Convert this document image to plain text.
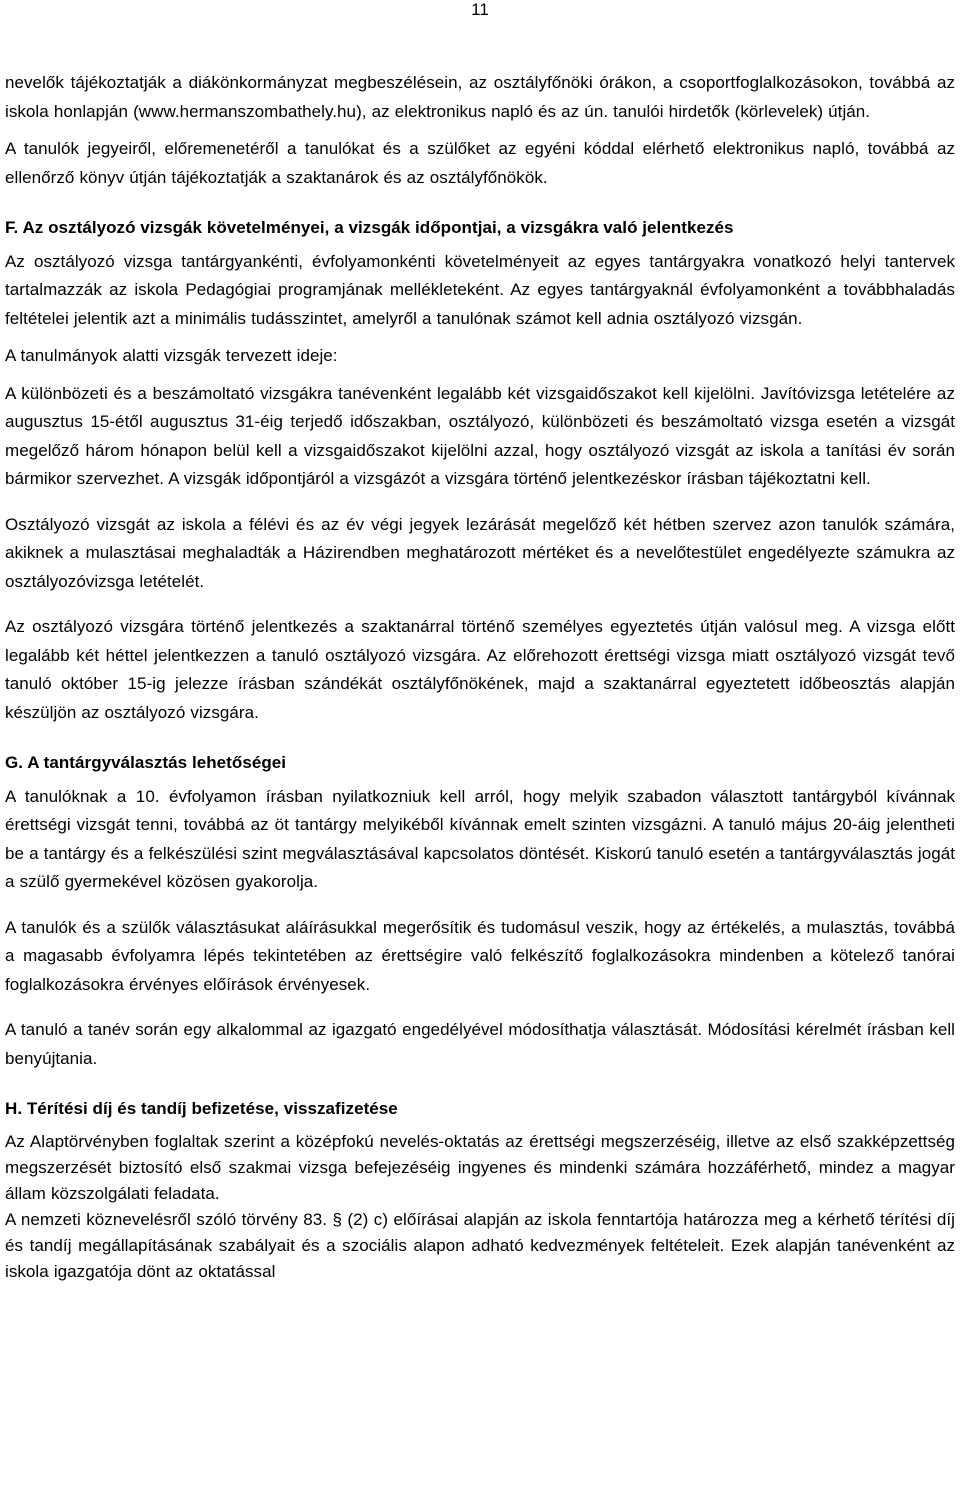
11

nevelők tájékoztatják a diákönkormányzat megbeszélésein, az osztályfőnöki órákon, a csoportfoglalkozásokon, továbbá az iskola honlapján (www.hermanszombathely.hu), az elektronikus napló és az ún. tanulói hirdetők (körlevelek) útján.

A tanulók jegyeiről, előremenetéről a tanulókat és a szülőket az egyéni kóddal elérhető elektronikus napló, továbbá az ellenőrző könyv útján tájékoztatják a szaktanárok és az osztályfőnökök.

F. Az osztályozó vizsgák követelményei, a vizsgák időpontjai, a vizsgákra való jelentkezés

Az osztályozó vizsga tantárgyankénti, évfolyamonkénti követelményeit az egyes tantárgyakra vonatkozó helyi tantervek tartalmazzák az iskola Pedagógiai programjának mellékleteként. Az egyes tantárgyaknál évfolyamonként a továbbhaladás feltételei jelentik azt a minimális tudásszintet, amelyről a tanulónak számot kell adnia osztályozó vizsgán.

A tanulmányok alatti vizsgák tervezett ideje:

A különbözeti és a beszámoltató vizsgákra tanévenként legalább két vizsgaidőszakot kell kijelölni. Javítóvizsga letételére az augusztus 15-étől augusztus 31-éig terjedő időszakban, osztályozó, különbözeti és beszámoltató vizsga esetén a vizsgát megelőző három hónapon belül kell a vizsgaidőszakot kijelölni azzal, hogy osztályozó vizsgát az iskola a tanítási év során bármikor szervezhet. A vizsgák időpontjáról a vizsgázót a vizsgára történő jelentkezéskor írásban tájékoztatni kell.

Osztályozó vizsgát az iskola a félévi és az év végi jegyek lezárását megelőző két hétben szervez azon tanulók számára, akiknek a mulasztásai meghaladták a Házirendben meghatározott mértéket és a nevelőtestület engedélyezte számukra az osztályozóvizsga letételét.

Az osztályozó vizsgára történő jelentkezés a szaktanárral történő személyes egyeztetés útján valósul meg. A vizsga előtt legalább két héttel jelentkezzen a tanuló osztályozó vizsgára. Az előrehozott érettségi vizsga miatt osztályozó vizsgát tevő tanuló október 15-ig jelezze írásban szándékát osztályfőnökének, majd a szaktanárral egyeztetett időbeosztás alapján készüljön az osztályozó vizsgára.

G. A tantárgyválasztás lehetőségei

A tanulóknak a 10. évfolyamon írásban nyilatkozniuk kell arról, hogy melyik szabadon választott tantárgyból kívánnak érettségi vizsgát tenni, továbbá az öt tantárgy melyikéből kívánnak emelt szinten vizsgázni. A tanuló május 20-áig jelentheti be a tantárgy és a felkészülési szint megválasztásával kapcsolatos döntését. Kiskorú tanuló esetén a tantárgyválasztás jogát a szülő gyermekével közösen gyakorolja.

A tanulók és a szülők választásukat aláírásukkal megerősítik és tudomásul veszik, hogy az értékelés, a mulasztás, továbbá a magasabb évfolyamra lépés tekintetében az érettségire való felkészítő foglalkozásokra mindenben a kötelező tanórai foglalkozásokra érvényes előírások érvényesek.

A tanuló a tanév során egy alkalommal az igazgató engedélyével módosíthatja választását. Módosítási kérelmét írásban kell benyújtania.

H. Térítési díj és tandíj befizetése, visszafizetése

Az Alaptörvényben foglaltak szerint a középfokú nevelés-oktatás az érettségi megszerzéséig, illetve az első szakképzettség megszerzését biztosító első szakmai vizsga befejezéséig ingyenes és mindenki számára hozzáférhető, mindez a magyar állam közszolgálati feladata.

A nemzeti köznevelésről szóló törvény 83. § (2) c) előírásai alapján az iskola fenntartója határozza meg a kérhető térítési díj és tandíj megállapításának szabályait és a szociális alapon adható kedvezmények feltételeit. Ezek alapján tanévenként az iskola igazgatója dönt az oktatással
